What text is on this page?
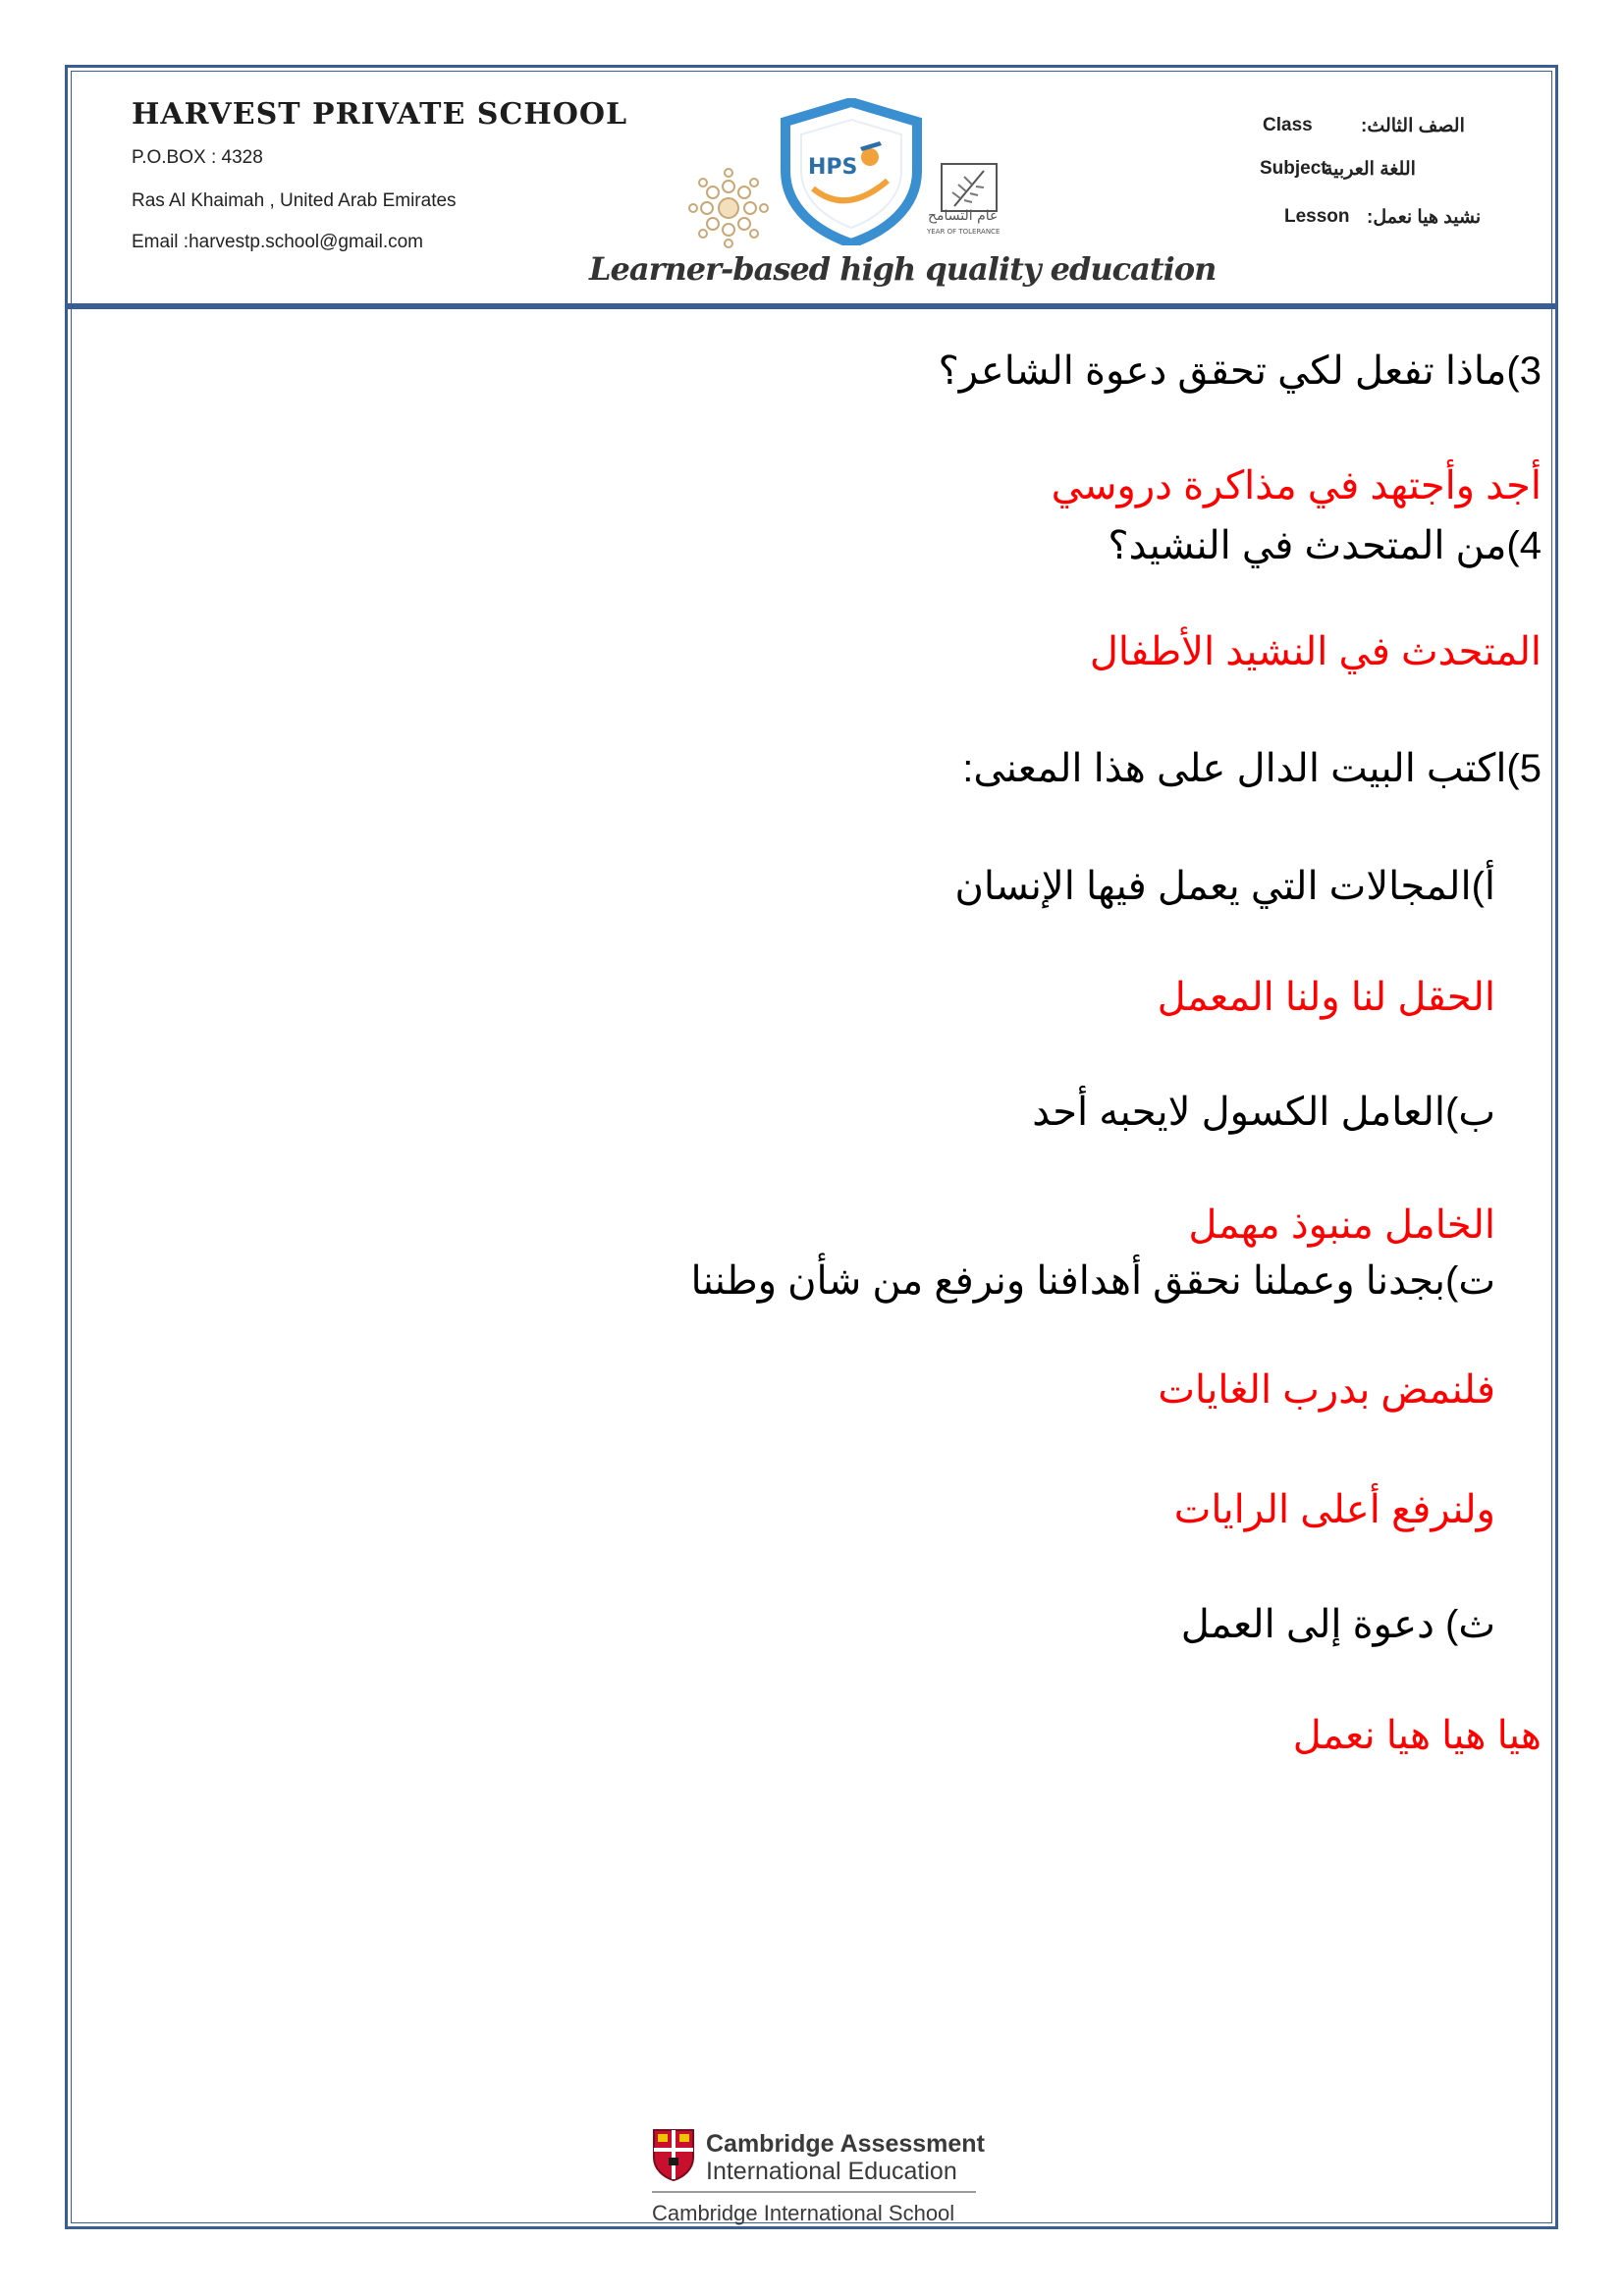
HARVEST PRIVATE SCHOOL
P.O.BOX : 4328
Ras Al Khaimah , United Arab Emirates
Email :harvestp.school@gmail.com
HPS
عام التسامح
YEAR OF TOLERANCE
Learner-based high quality education
Class	الصف الثالث:
Subject
اللغة العربية
Lesson نشيد هيا نعمل:
3)ماذا تفعل لكي تحقق دعوة الشاعر؟
أجد وأجتهد في مذاكرة دروسي
4)من المتحدث في النشيد؟
المتحدث في النشيد الأطفال
5)اكتب البيت الدال على هذا المعنى:
أ)المجالات التي يعمل فيها الإنسان
الحقل لنا ولنا المعمل
ب)العامل الكسول لايحبه أحد
الخامل منبوذ مهمل
ت)بجدنا وعملنا نحقق أهدافنا ونرفع من شأن وطننا
فلنمض بدرب الغايات
ولنرفع أعلى الرايات
ث) دعوة إلى العمل
هيا هيا هيا نعمل
Cambridge Assessment
International Education
Cambridge International School
